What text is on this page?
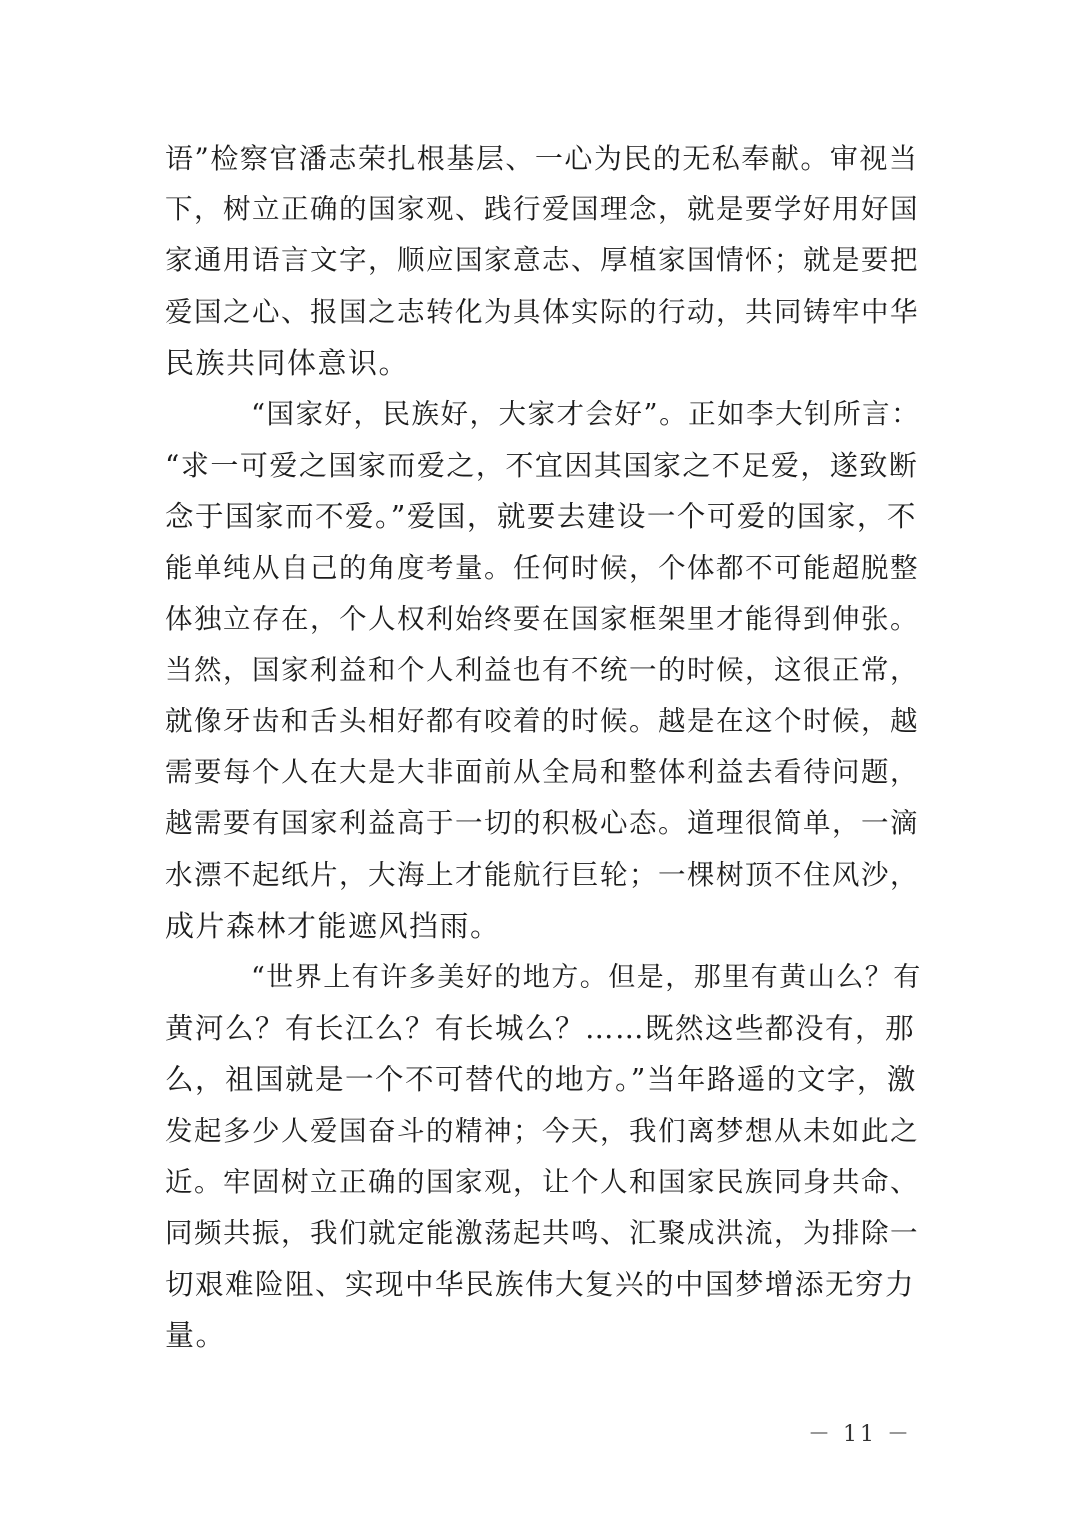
语”检察官潘志荣扎根基层、一心为民的无私奉献。审视当
下，树立正确的国家观、践行爱国理念，就是要学好用好国
家通用语言文字，顺应国家意志、厚植家国情怀；就是要把
爱国之心、报国之志转化为具体实际的行动，共同铸牢中华
民族共同体意识。
“国家好，民族好，大家才会好”。正如李大钊所言：
“求一可爱之国家而爱之，不宜因其国家之不足爱，遂致断
念于国家而不爱。”爱国，就要去建设一个可爱的国家，不
能单纯从自己的角度考量。任何时候，个体都不可能超脱整
体独立存在，个人权利始终要在国家框架里才能得到伸张。
当然，国家利益和个人利益也有不统一的时候，这很正常，
就像牙齿和舌头相好都有咬着的时候。越是在这个时候，越
需要每个人在大是大非面前从全局和整体利益去看待问题，
越需要有国家利益高于一切的积极心态。道理很简单，一滴
水漂不起纸片，大海上才能航行巨轮；一棵树顶不住风沙，
成片森林才能遮风挡雨。
“世界上有许多美好的地方。但是，那里有黄山么？有
黄河么？有长江么？有长城么？……既然这些都没有，那
么，祖国就是一个不可替代的地方。”当年路遥的文字，激
发起多少人爱国奋斗的精神；今天，我们离梦想从未如此之
近。牢固树立正确的国家观，让个人和国家民族同身共命、
同频共振，我们就定能激荡起共鸣、汇聚成洪流，为排除一
切艰难险阻、实现中华民族伟大复兴的中国梦增添无穷力
量。
－ 11 －
